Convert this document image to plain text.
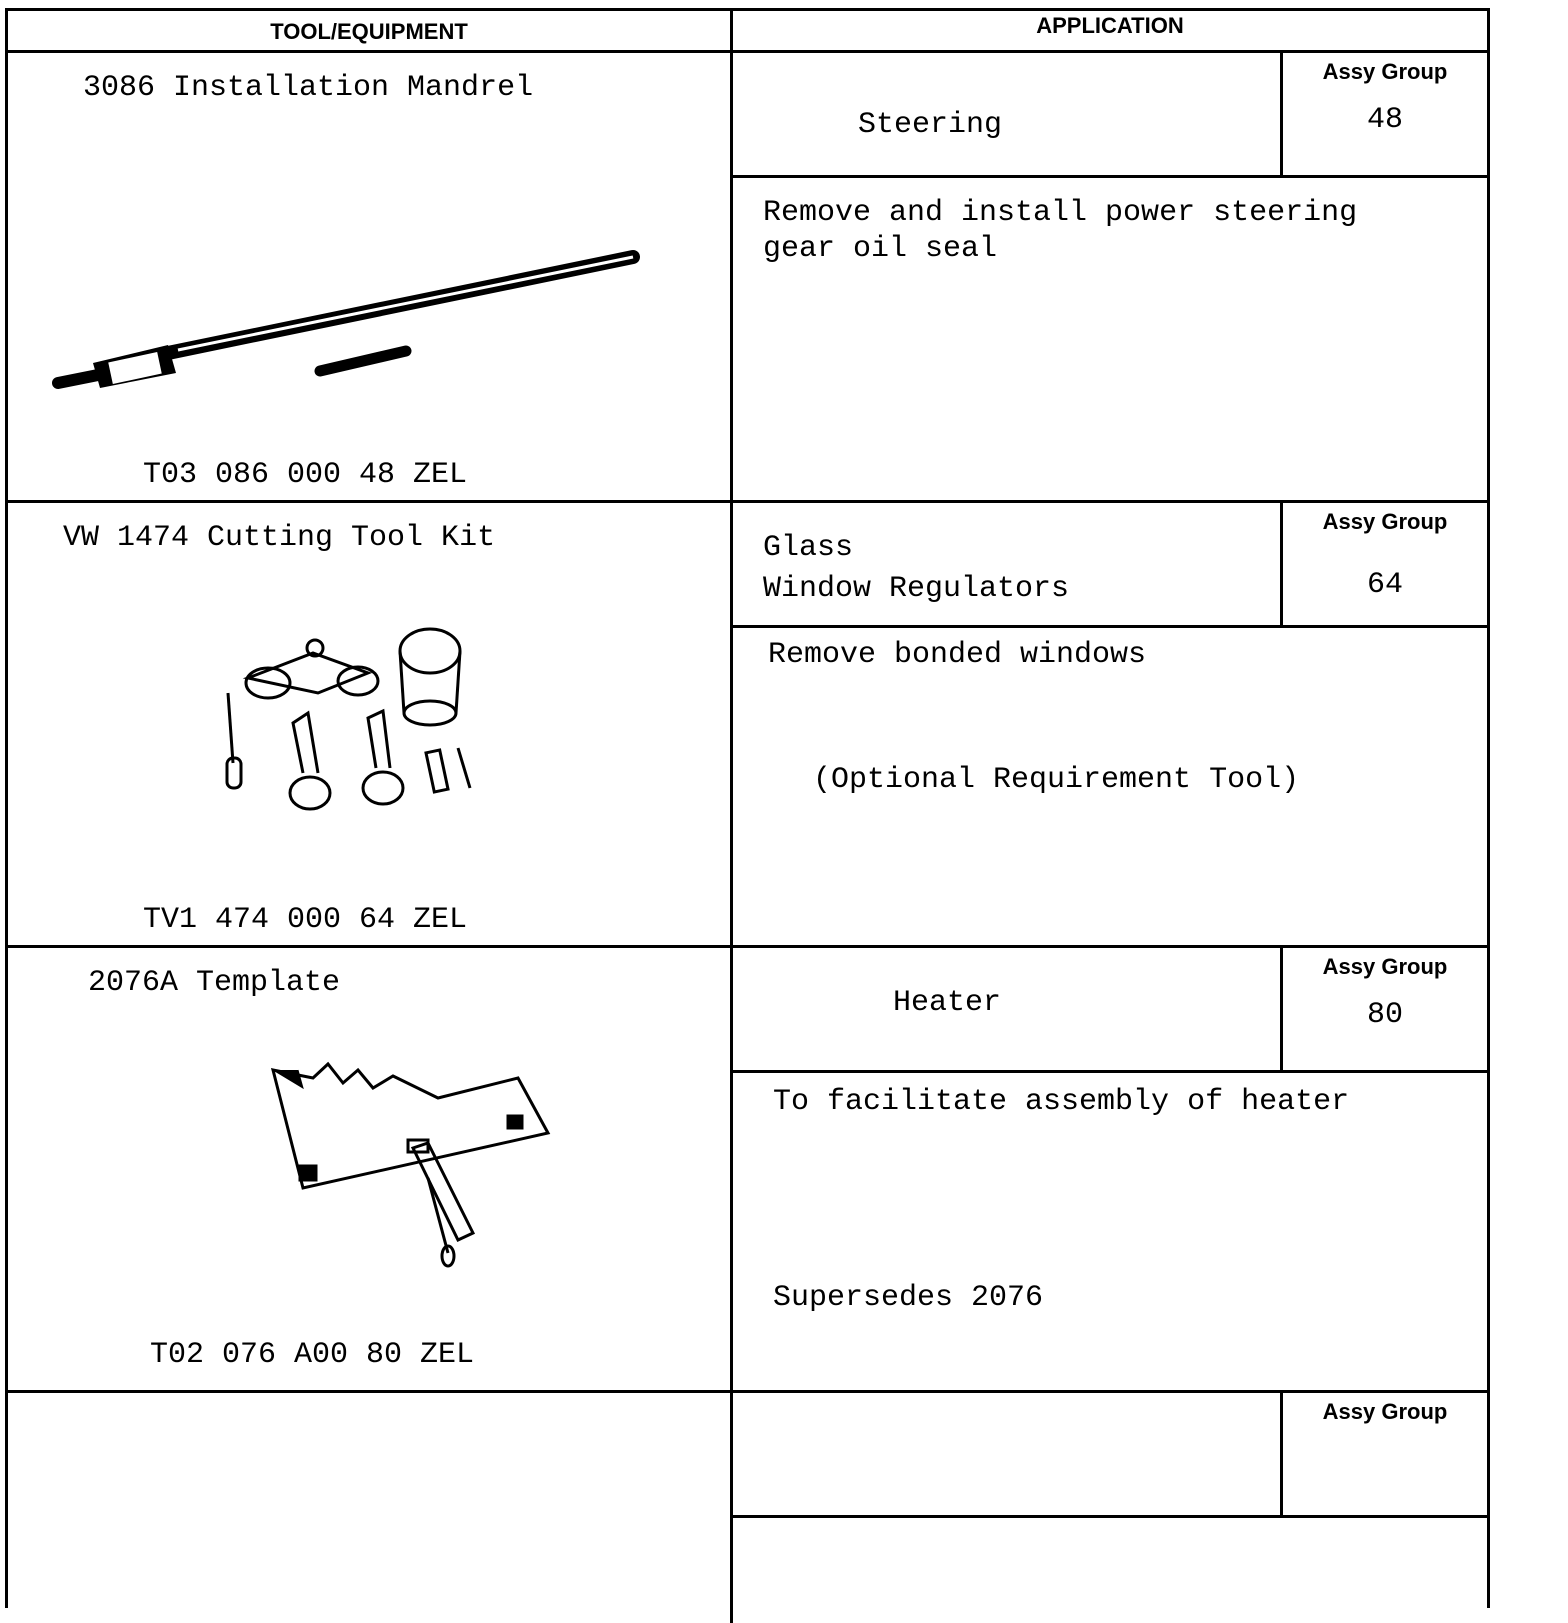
TOOL/EQUIPMENT	APPLICATION
3086 Installation Mandrel
T03 086 000 48 ZEL
Steering
Assy Group
48
Remove and install power steering
gear oil seal
VW 1474 Cutting Tool Kit
TV1 474 000 64 ZEL
Glass
Window Regulators
Assy Group
64
Remove bonded windows
(Optional Requirement Tool)
2076A Template
T02 076 A00 80 ZEL
Heater
Assy Group
80
To facilitate assembly of heater
Supersedes 2076
Assy Group
